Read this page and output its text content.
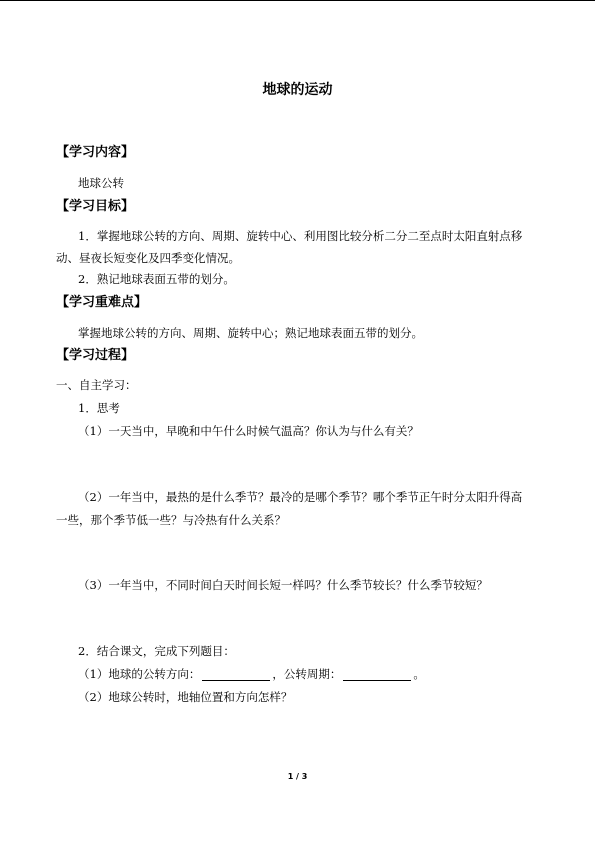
地球的运动
【学习内容】
地球公转
【学习目标】
1．掌握地球公转的方向、周期、旋转中心、利用图比较分析二分二至点时太阳直射点移
动、昼夜长短变化及四季变化情况。
2．熟记地球表面五带的划分。
【学习重难点】
掌握地球公转的方向、周期、旋转中心；熟记地球表面五带的划分。
【学习过程】
一、自主学习：
1．思考
（1）一天当中，早晚和中午什么时候气温高？你认为与什么有关？
（2）一年当中，最热的是什么季节？最冷的是哪个季节？哪个季节正午时分太阳升得高
一些，那个季节低一些？与冷热有什么关系？
（3）一年当中，不同时间白天时间长短一样吗？什么季节较长？什么季节较短？
2．结合课文，完成下列题目：
（1）地球的公转方向：	，公转周期：	。
（2）地球公转时，地轴位置和方向怎样？
1 / 3
